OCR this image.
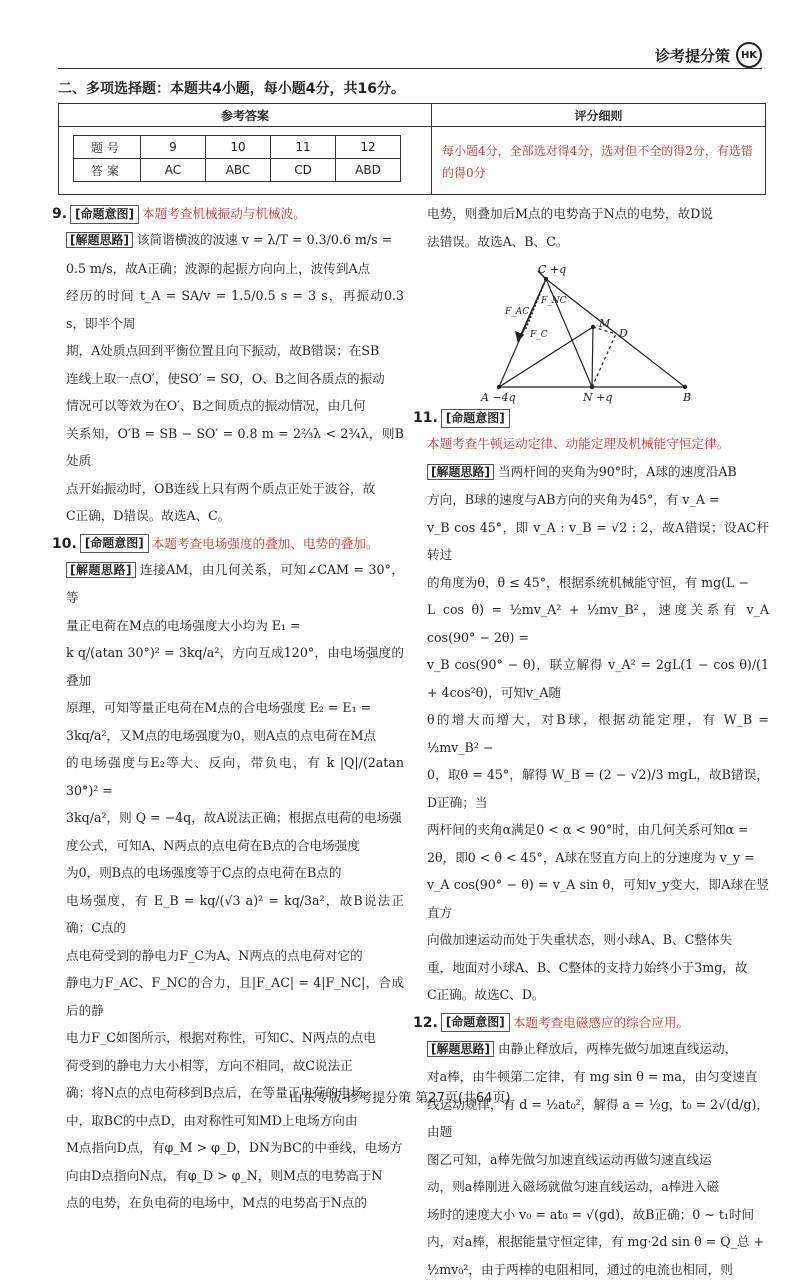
诊考提分策	HK
二、多项选择题：本题共4小题，每小题4分，共16分。
参考答案
题号	9	10	11	12
答案	AC	ABC	CD	ABD
评分细则
每小题4分，全部选对得4分，选对但不全的得2分，有选错的得0分
9. [命题意图] 本题考查机械振动与机械波。

[解题思路] 该简谐横波的波速 v = λ/T = 0.3/0.6 m/s =

0.5 m/s，故A正确；波源的起振方向向上，波传到A点

经历的时间 t_A = SA/v = 1.5/0.5 s = 3 s，再振动0.3 s，即半个周

期，A处质点回到平衡位置且向下振动，故B错误；在SB

连线上取一点O′，使SO′ = SO，O、B之间各质点的振动

情况可以等效为在O′、B之间质点的振动情况，由几何

关系知，O′B = SB − SO′ = 0.8 m = 2⅔λ < 2¾λ，则B处质

点开始振动时，OB连线上只有两个质点正处于波谷，故

C正确，D错误。故选A、C。

10. [命题意图] 本题考查电场强度的叠加、电势的叠加。

[解题思路] 连接AM，由几何关系，可知∠CAM = 30°，等

量正电荷在M点的电场强度大小均为 E₁ =

k q/(atan 30°)² = 3kq/a²，方向互成120°，由电场强度的叠加

原理，可知等量正电荷在M点的合电场强度 E₂ = E₁ =

3kq/a²，又M点的电场强度为0，则A点的点电荷在M点

的电场强度与E₂等大、反向，带负电，有 k |Q|/(2atan 30°)² =

3kq/a²，则 Q = −4q，故A说法正确；根据点电荷的电场强

度公式，可知A、N两点的点电荷在B点的合电场强度

为0，则B点的电场强度等于C点的点电荷在B点的

电场强度，有 E_B = kq/(√3 a)² = kq/3a²，故B说法正确；C点的

点电荷受到的静电力F_C为A、N两点的点电荷对它的

静电力F_AC、F_NC的合力，且|F_AC| = 4|F_NC|，合成后的静

电力F_C如图所示，根据对称性，可知C、N两点的点电

荷受到的静电力大小相等，方向不相同，故C说法正

确；将N点的点电荷移到B点后，在等量正电荷的电场

中，取BC的中点D，由对称性可知MD上电场方向由

M点指向D点，有φ_M > φ_D，DN为BC的中垂线，电场方

向由D点指向N点，有φ_D > φ_N，则M点的电势高于N

点的电势，在负电荷的电场中，M点的电势高于N点的

电势，则叠加后M点的电势高于N点的电势，故D说

法错误。故选A、B、C。

C +q
M
D
A −4q	N +q	B
F_AC
F_NC
F_C
11. [命题意图]

本题考查牛顿运动定律、动能定理及机械能守恒定律。

[解题思路] 当两杆间的夹角为90°时，A球的速度沿AB

方向，B球的速度与AB方向的夹角为45°，有 v_A =

v_B cos 45°，即 v_A : v_B = √2 : 2，故A错误；设AC杆转过

的角度为θ，θ ≤ 45°，根据系统机械能守恒，有 mg(L −

L cos θ) = ½mv_A² + ½mv_B²，速度关系有 v_A cos(90° − 2θ) =

v_B cos(90° − θ)，联立解得 v_A² = 2gL(1 − cos θ)/(1 + 4cos²θ)，可知v_A随

θ的增大而增大，对B球，根据动能定理，有 W_B = ½mv_B² −

0，取θ = 45°，解得 W_B = (2 − √2)/3 mgL，故B错误，D正确；当

两杆间的夹角α满足0 < α < 90°时，由几何关系可知α =

2θ，即0 < θ < 45°，A球在竖直方向上的分速度为 v_y =

v_A cos(90° − θ) = v_A sin θ，可知v_y变大，即A球在竖直方

向做加速运动而处于失重状态，则小球A、B、C整体失

重，地面对小球A、B、C整体的支持力始终小于3mg，故

C正确。故选C、D。

12. [命题意图] 本题考查电磁感应的综合应用。

[解题思路] 由静止释放后，两棒先做匀加速直线运动，

对a棒，由牛顿第二定律，有 mg sin θ = ma，由匀变速直

线运动规律，有 d = ½at₀²，解得 a = ½g，t₀ = 2√(d/g)，由题

图乙可知，a棒先做匀加速直线运动再做匀速直线运

动，则a棒刚进入磁场就做匀速直线运动，a棒进入磁

场时的速度大小 v₀ = at₀ = √(gd)，故B正确；0 ~ t₁时间

内，对a棒，根据能量守恒定律，有 mg·2d sin θ = Q_总 +

½mv₀²，由于两棒的电阻相同，通过的电流也相同，则

山东专版-诊考提分策 第27页(共64页)
